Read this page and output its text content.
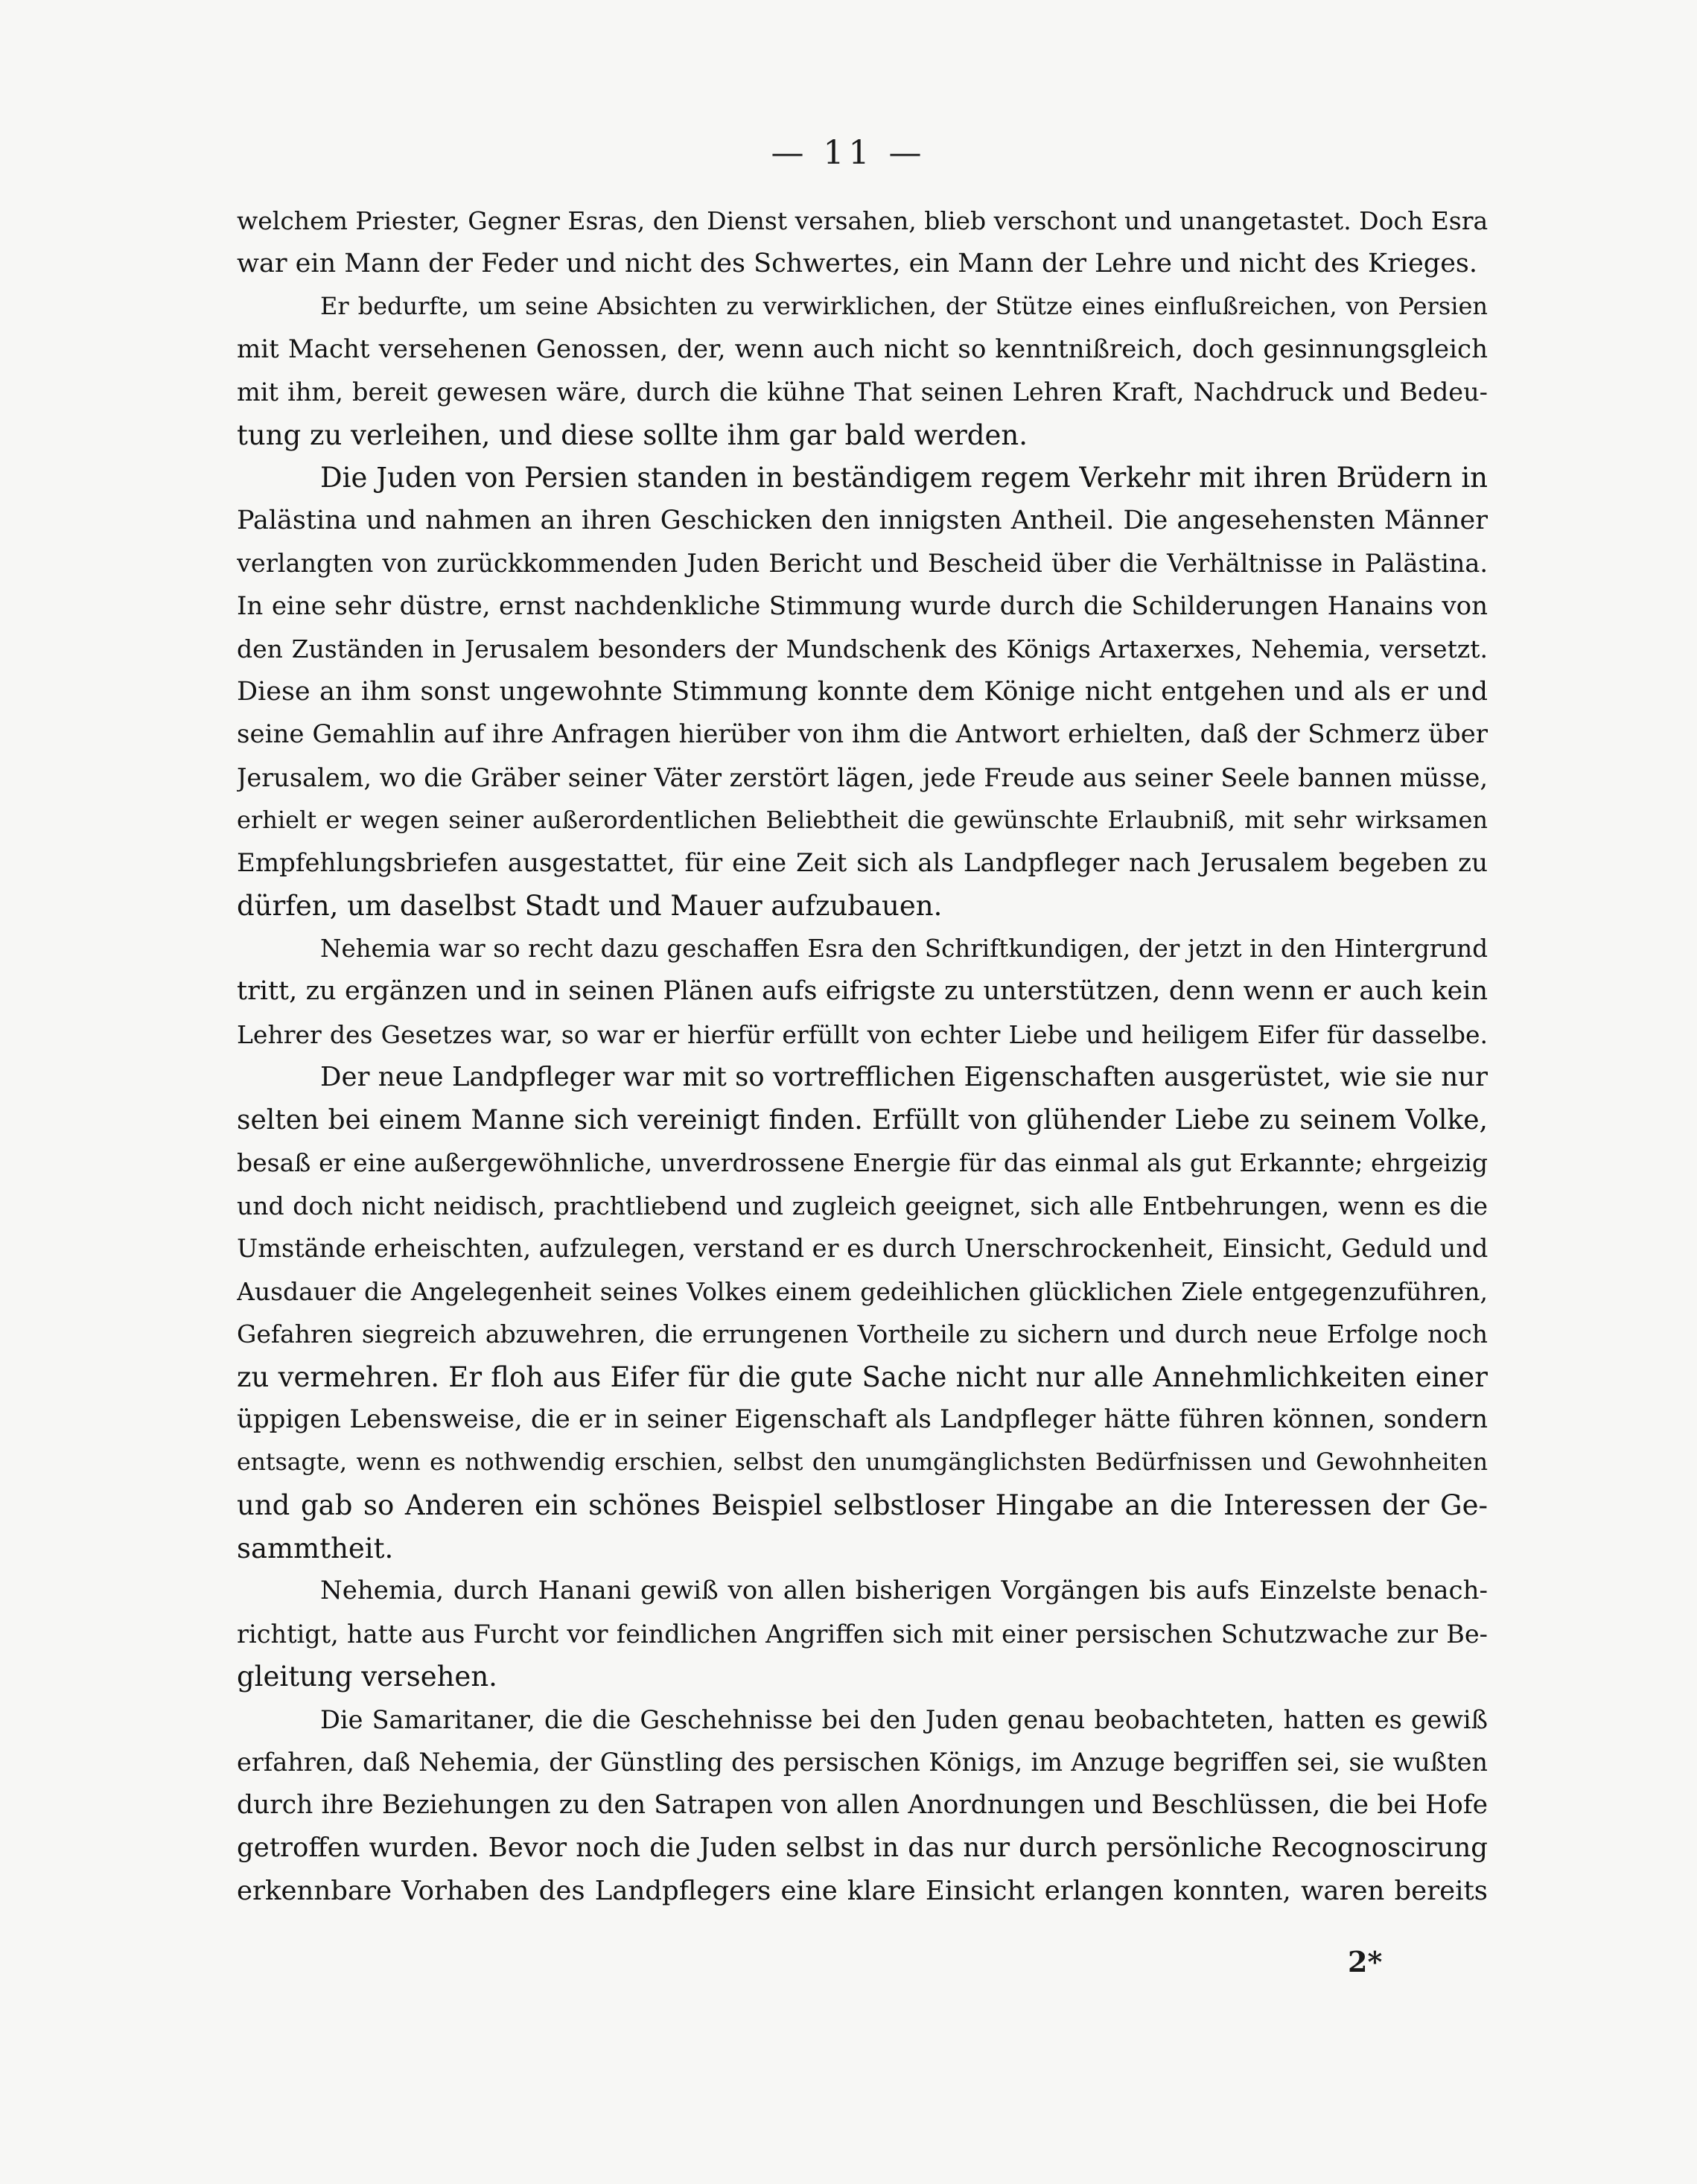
— 11 —
welchem Priester, Gegner Esras, den Dienst versahen, blieb verschont und unangetastet. Doch Esra
war ein Mann der Feder und nicht des Schwertes, ein Mann der Lehre und nicht des Krieges.
Er bedurfte, um seine Absichten zu verwirklichen, der Stütze eines einflußreichen, von Persien
mit Macht versehenen Genossen, der, wenn auch nicht so kenntnißreich, doch gesinnungsgleich
mit ihm, bereit gewesen wäre, durch die kühne That seinen Lehren Kraft, Nachdruck und Bedeu-
tung zu verleihen, und diese sollte ihm gar bald werden.
Die Juden von Persien standen in beständigem regem Verkehr mit ihren Brüdern in
Palästina und nahmen an ihren Geschicken den innigsten Antheil. Die angesehensten Männer
verlangten von zurückkommenden Juden Bericht und Bescheid über die Verhältnisse in Palästina.
In eine sehr düstre, ernst nachdenkliche Stimmung wurde durch die Schilderungen Hanains von
den Zuständen in Jerusalem besonders der Mundschenk des Königs Artaxerxes, Nehemia, versetzt.
Diese an ihm sonst ungewohnte Stimmung konnte dem Könige nicht entgehen und als er und
seine Gemahlin auf ihre Anfragen hierüber von ihm die Antwort erhielten, daß der Schmerz über
Jerusalem, wo die Gräber seiner Väter zerstört lägen, jede Freude aus seiner Seele bannen müsse,
erhielt er wegen seiner außerordentlichen Beliebtheit die gewünschte Erlaubniß, mit sehr wirksamen
Empfehlungsbriefen ausgestattet, für eine Zeit sich als Landpfleger nach Jerusalem begeben zu
dürfen, um daselbst Stadt und Mauer aufzubauen.
Nehemia war so recht dazu geschaffen Esra den Schriftkundigen, der jetzt in den Hintergrund
tritt, zu ergänzen und in seinen Plänen aufs eifrigste zu unterstützen, denn wenn er auch kein
Lehrer des Gesetzes war, so war er hierfür erfüllt von echter Liebe und heiligem Eifer für dasselbe.
Der neue Landpfleger war mit so vortrefflichen Eigenschaften ausgerüstet, wie sie nur
selten bei einem Manne sich vereinigt finden. Erfüllt von glühender Liebe zu seinem Volke,
besaß er eine außergewöhnliche, unverdrossene Energie für das einmal als gut Erkannte; ehrgeizig
und doch nicht neidisch, prachtliebend und zugleich geeignet, sich alle Entbehrungen, wenn es die
Umstände erheischten, aufzulegen, verstand er es durch Unerschrockenheit, Einsicht, Geduld und
Ausdauer die Angelegenheit seines Volkes einem gedeihlichen glücklichen Ziele entgegenzuführen,
Gefahren siegreich abzuwehren, die errungenen Vortheile zu sichern und durch neue Erfolge noch
zu vermehren. Er floh aus Eifer für die gute Sache nicht nur alle Annehmlichkeiten einer
üppigen Lebensweise, die er in seiner Eigenschaft als Landpfleger hätte führen können, sondern
entsagte, wenn es nothwendig erschien, selbst den unumgänglichsten Bedürfnissen und Gewohnheiten
und gab so Anderen ein schönes Beispiel selbstloser Hingabe an die Interessen der Ge-
sammtheit.
Nehemia, durch Hanani gewiß von allen bisherigen Vorgängen bis aufs Einzelste benach-
richtigt, hatte aus Furcht vor feindlichen Angriffen sich mit einer persischen Schutzwache zur Be-
gleitung versehen.
Die Samaritaner, die die Geschehnisse bei den Juden genau beobachteten, hatten es gewiß
erfahren, daß Nehemia, der Günstling des persischen Königs, im Anzuge begriffen sei, sie wußten
durch ihre Beziehungen zu den Satrapen von allen Anordnungen und Beschlüssen, die bei Hofe
getroffen wurden. Bevor noch die Juden selbst in das nur durch persönliche Recognoscirung
erkennbare Vorhaben des Landpflegers eine klare Einsicht erlangen konnten, waren bereits
2*
